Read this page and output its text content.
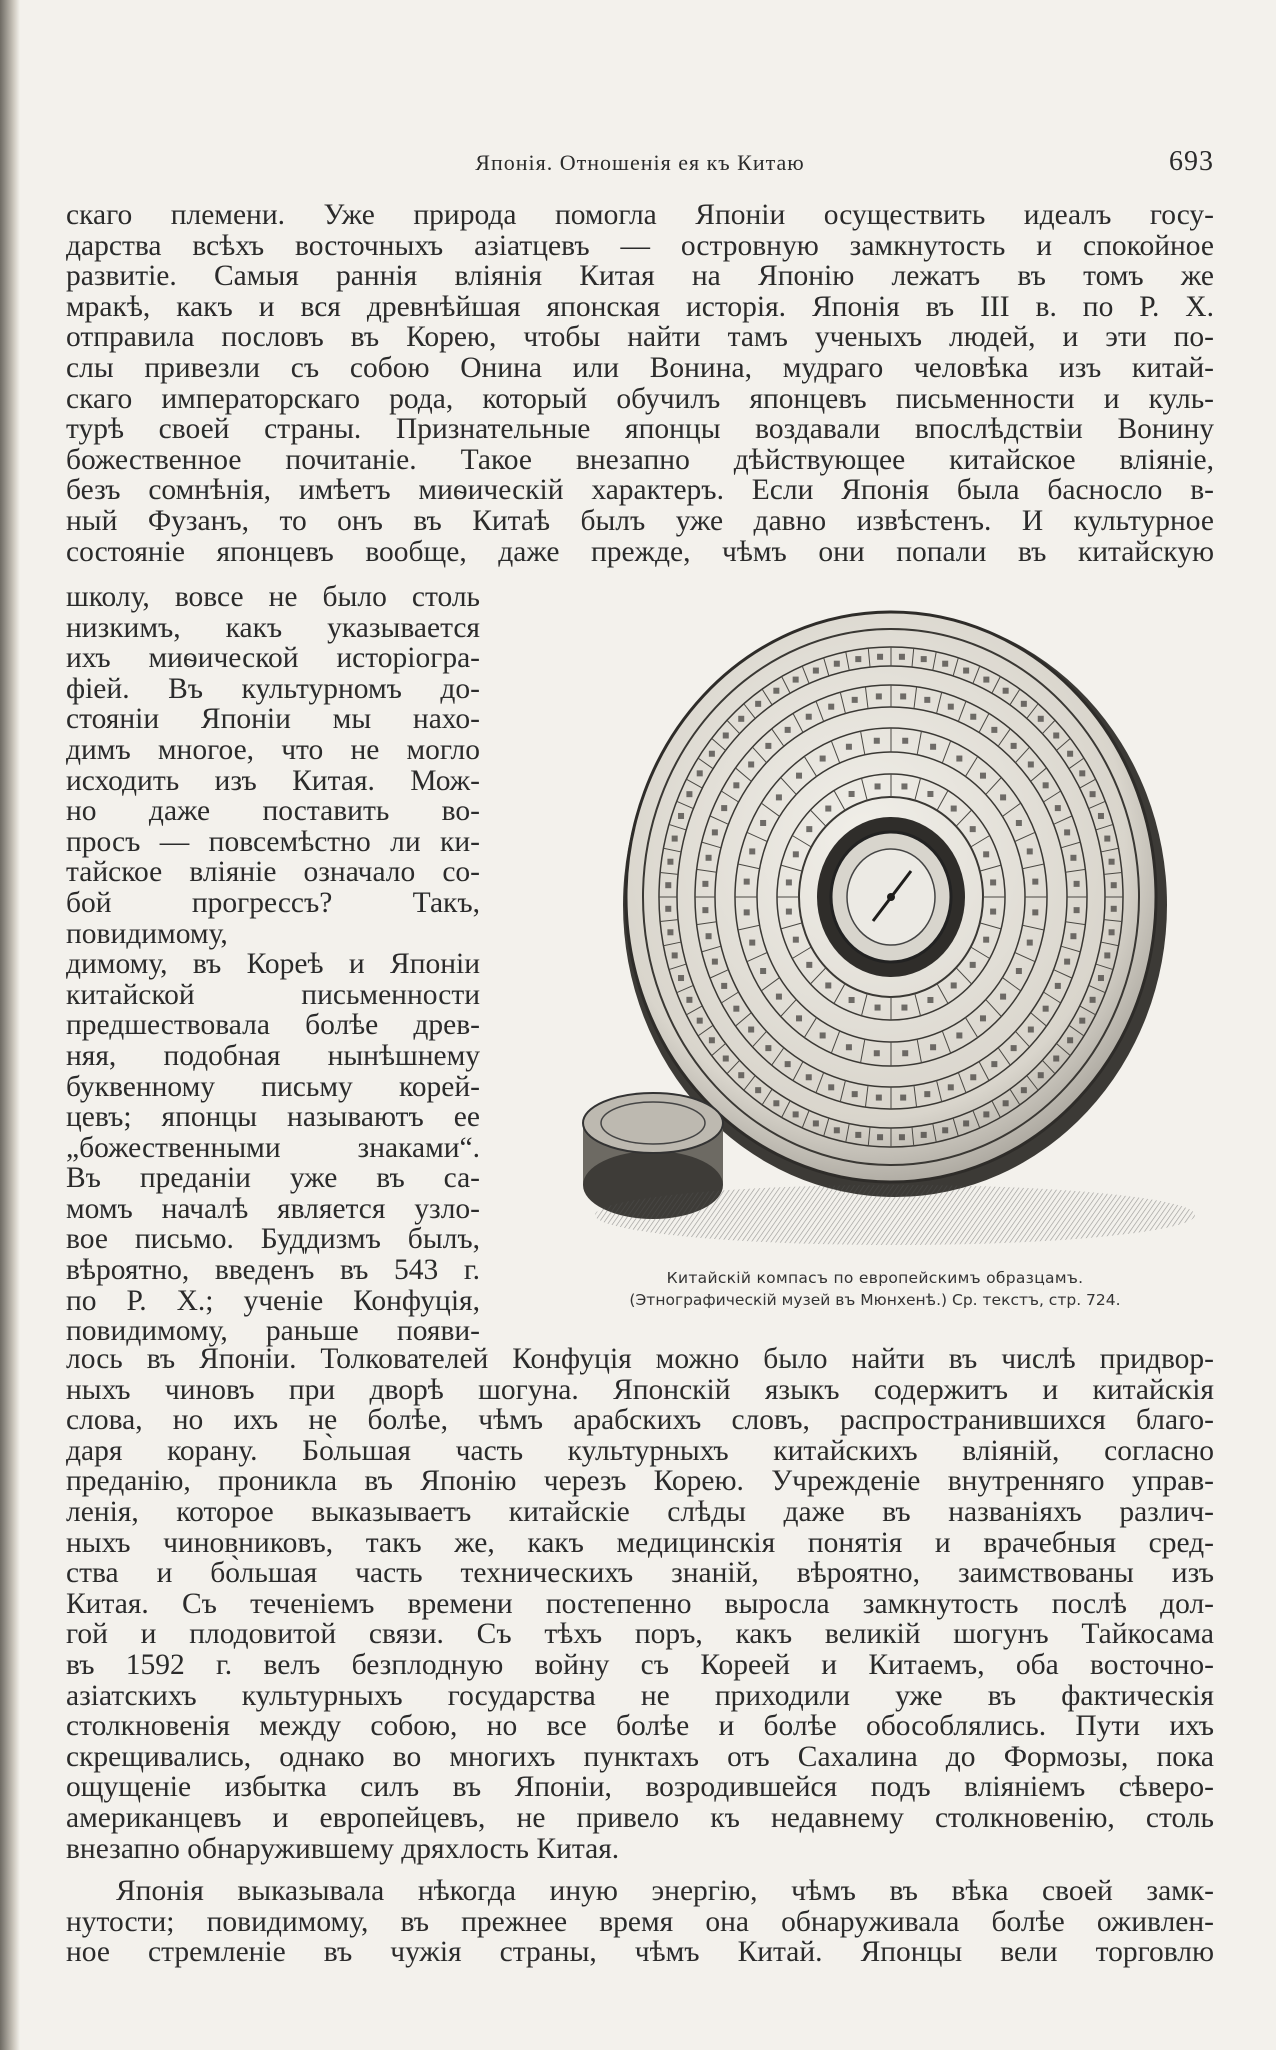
Японія. Отношенія ея къ Китаю	693

скаго племени. Уже природа помогла Японіи осуществить идеалъ госу-

дарства всѣхъ восточныхъ азіатцевъ — островную замкнутость и спокойное

развитіе. Самыя раннія вліянія Китая на Японію лежатъ въ томъ же

мракѣ, какъ и вся древнѣйшая японская исторія. Японія въ III в. по Р. Х.

отправила пословъ въ Корею, чтобы найти тамъ ученыхъ людей, и эти по-

слы привезли съ собою Онина или Вонина, мудраго человѣка изъ китай-

скаго императорскаго рода, который обучилъ японцевъ письменности и куль-

турѣ своей страны. Признательные японцы воздавали впослѣдствіи Вонину

божественное почитаніе. Такое внезапно дѣйствующее китайское вліяніе,

безъ сомнѣнія, имѣетъ миѳическій характеръ. Если Японія была басносло в-

ный Фузанъ, то онъ въ Китаѣ былъ уже давно извѣстенъ. И культурное

состояніе японцевъ вообще, даже прежде, чѣмъ они попали въ китайскую

школу, вовсе не было столь

низкимъ, какъ указывается

ихъ миѳической исторіогра-

фіей. Въ культурномъ до-

стояніи Японіи мы нахо-

димъ многое, что не могло

исходить изъ Китая. Мож-

но даже поставить во-

просъ — повсемѣстно ли ки-

тайское вліяніе означало со-

бой прогрессъ? Такъ, повидимому,

димому, въ Кореѣ и Японіи

китайской письменности

предшествовала болѣе древ-

няя, подобная нынѣшнему

буквенному письму корей-

цевъ; японцы называютъ ее

„божественными знаками“.

Въ преданіи уже въ са-

момъ началѣ является узло-

вое письмо. Буддизмъ былъ,

вѣроятно, введенъ въ 543 г.

по Р. Х.; ученіе Конфуція,

повидимому, раньше появи-

Китайскій компасъ по европейскимъ образцамъ.
(Этнографическій музей въ Мюнхенѣ.) Ср. текстъ, стр. 724.

лось въ Японіи. Толкователей Конфуція можно было найти въ числѣ придвор-

ныхъ чиновъ при дворѣ шогуна. Японскій языкъ содержитъ и китайскія

слова, но ихъ не болѣе, чѣмъ арабскихъ словъ, распространившихся благо-

даря корану. Бо̀льшая часть культурныхъ китайскихъ вліяній, согласно

преданію, проникла въ Японію черезъ Корею. Учрежденіе внутренняго управ-

ленія, которое выказываетъ китайскіе слѣды даже въ названіяхъ различ-

ныхъ чиновниковъ, такъ же, какъ медицинскія понятія и врачебныя сред-

ства и бо̀льшая часть техническихъ знаній, вѣроятно, заимствованы изъ

Китая. Съ теченіемъ времени постепенно выросла замкнутость послѣ дол-

гой и плодовитой связи. Съ тѣхъ поръ, какъ великій шогунъ Тайкосама

въ 1592 г. велъ безплодную войну съ Кореей и Китаемъ, оба восточно-

азіатскихъ культурныхъ государства не приходили уже въ фактическія

столкновенія между собою, но все болѣе и болѣе обособлялись. Пути ихъ

скрещивались, однако во многихъ пунктахъ отъ Сахалина до Формозы, пока

ощущеніе избытка силъ въ Японіи, возродившейся подъ вліяніемъ сѣверо-

американцевъ и европейцевъ, не привело къ недавнему столкновенію, столь

внезапно обнаружившему дряхлость Китая.

Японія выказывала нѣкогда иную энергію, чѣмъ въ вѣка своей замк-

нутости; повидимому, въ прежнее время она обнаруживала болѣе оживлен-

ное стремленіе въ чужія страны, чѣмъ Китай. Японцы вели торговлю
